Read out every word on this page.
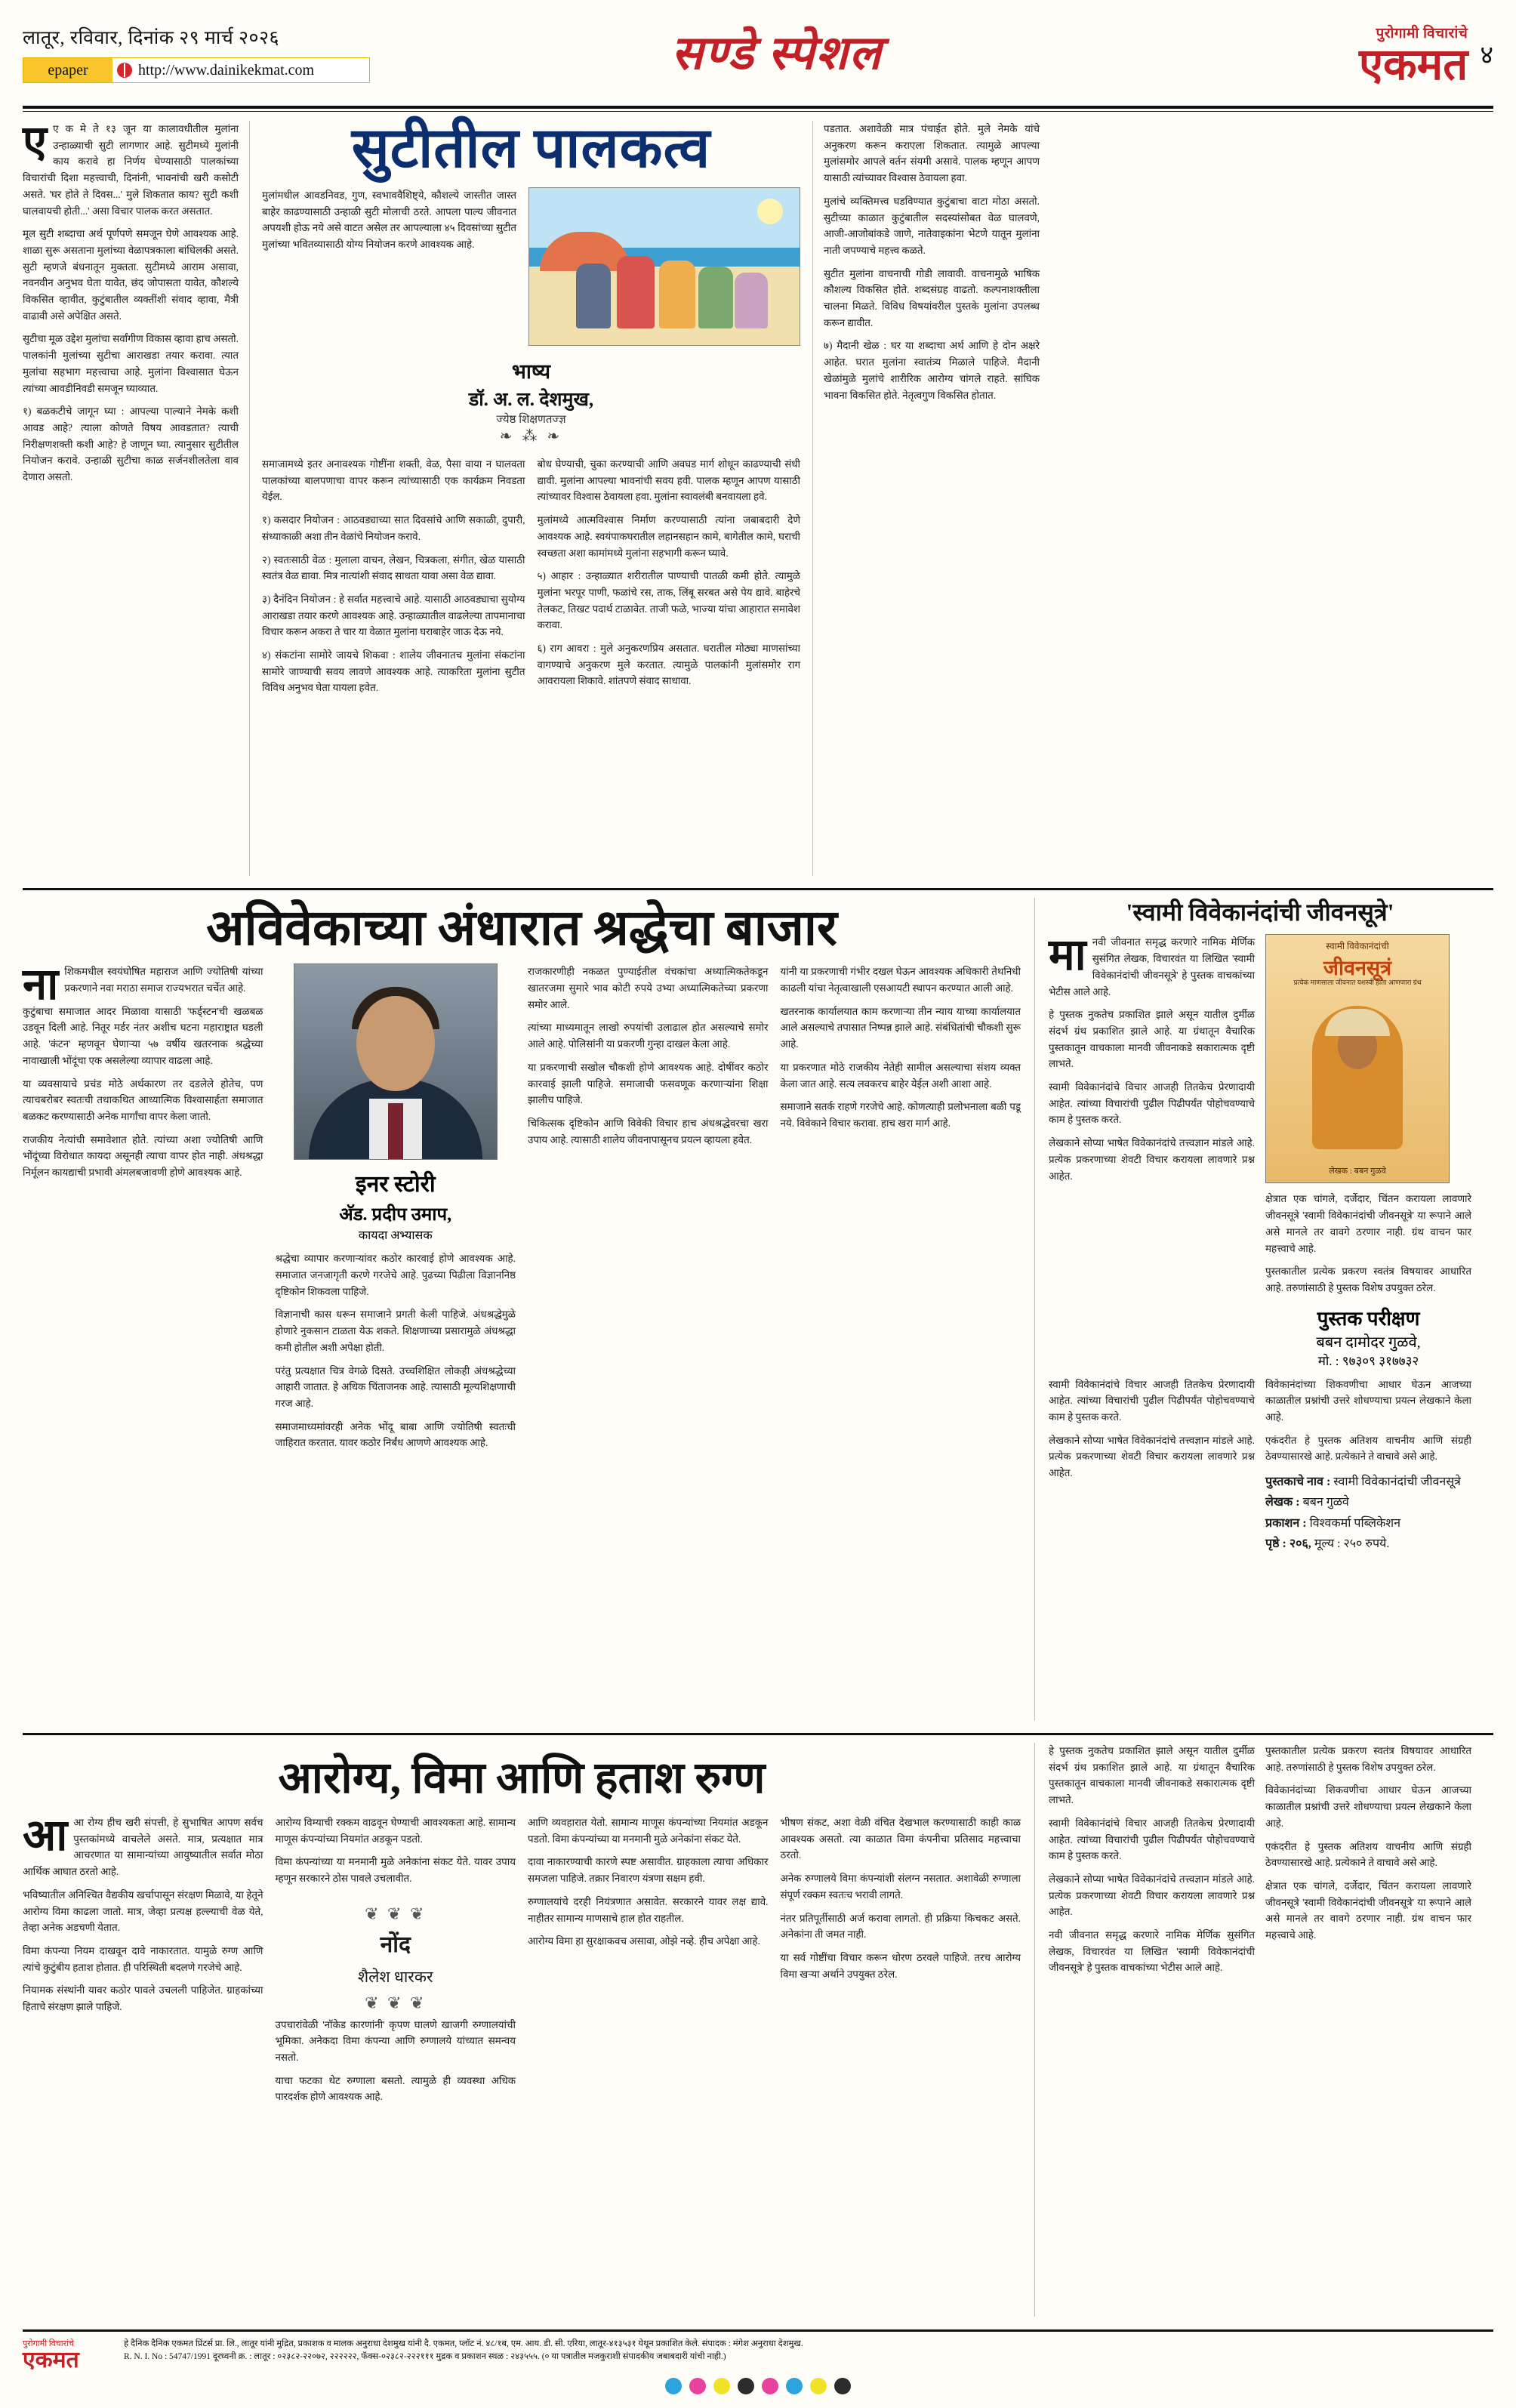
लातूर, रविवार, दिनांक २९ मार्च २०२६
epaper	http://www.dainikekmat.com	सण्डे स्पेशल	पुरोगामी विचारांचे
एकमत ४

एए क मे ते १३ जून या कालावधीतील मुलांना उन्हाळ्याची सुटी लागणार आहे. सुटीमध्ये मुलांनी काय करावे हा निर्णय घेण्यासाठी पालकांच्या विचारांची दिशा महत्त्वाची, दिनांनी, भावनांची खरी कसोटी असते. 'घर होते ते दिवस...' मुले शिकतात काय? सुटी कशी घालवायची होती...' असा विचार पालक करत असतात.

मूल सुटी शब्दाचा अर्थ पूर्णपणे समजून घेणे आवश्यक आहे. शाळा सुरू असताना मुलांच्या वेळापत्रकाला बांधिलकी असते. सुटी म्हणजे बंधनातून मुक्तता. सुटीमध्ये आराम असावा, नवनवीन अनुभव घेता यावेत, छंद जोपासता यावेत, कौशल्ये विकसित व्हावीत, कुटुंबातील व्यक्तींशी संवाद व्हावा, मैत्री वाढावी असे अपेक्षित असते.

सुटीचा मूळ उद्देश मुलांचा सर्वांगीण विकास व्हावा हाच असतो. पालकांनी मुलांच्या सुटीचा आराखडा तयार करावा. त्यात मुलांचा सहभाग महत्त्वाचा आहे. मुलांना विश्वासात घेऊन त्यांच्या आवडीनिवडी समजून घ्याव्यात.

१) बळकटीचे जागून घ्या : आपल्या पाल्याने नेमके कशी आवड आहे? त्याला कोणते विषय आवडतात? त्याची निरीक्षणशक्ती कशी आहे? हे जाणून घ्या. त्यानुसार सुटीतील नियोजन करावे. उन्हाळी सुटीचा काळ सर्जनशीलतेला वाव देणारा असतो.

सुटीतील पालकत्व
मुलांमधील आवडनिवड, गुण, स्वभाववैशिष्ट्ये, कौशल्ये जास्तीत जास्त बाहेर काढण्यासाठी उन्हाळी सुटी मोलाची ठरते. आपला पाल्य जीवनात अपयशी होऊ नये असे वाटत असेल तर आपल्याला ४५ दिवसांच्या सुटीत मुलांच्या भवितव्यासाठी योग्य नियोजन करणे आवश्यक आहे.
भाष्य
डॉ. अ. ल. देशमुख,
ज्येष्ठ शिक्षणतज्ज्ञ
❧ ⁂ ❧

समाजामध्ये इतर अनावश्यक गोष्टींना शक्ती, वेळ, पैसा वाया न घालवता पालकांच्या बालपणाचा वापर करून त्यांच्यासाठी एक कार्यक्रम निवडता येईल.

१) कसदार नियोजन : आठवड्याच्या सात दिवसांचे आणि सकाळी, दुपारी, संध्याकाळी अशा तीन वेळांचे नियोजन करावे.

२) स्वतःसाठी वेळ : मुलाला वाचन, लेखन, चित्रकला, संगीत, खेळ यासाठी स्वतंत्र वेळ द्यावा. मित्र नात्यांशी संवाद साधता यावा असा वेळ द्यावा.

३) दैनंदिन नियोजन : हे सर्वात महत्त्वाचे आहे. यासाठी आठवड्याचा सुयोग्य आराखडा तयार करणे आवश्यक आहे. उन्हाळ्यातील वाढलेल्या तापमानाचा विचार करून अकरा ते चार या वेळात मुलांना घराबाहेर जाऊ देऊ नये.

४) संकटांना सामोरे जायचे शिकवा : शालेय जीवनातच मुलांना संकटांना सामोरे जाण्याची सवय लावणे आवश्यक आहे. त्याकरिता मुलांना सुटीत विविध अनुभव घेता यायला हवेत.

बोध घेण्याची, चुका करण्याची आणि अवघड मार्ग शोधून काढण्याची संधी द्यावी. मुलांना आपल्या भावनांची सवय हवी. पालक म्हणून आपण यासाठी त्यांच्यावर विश्वास ठेवायला हवा. मुलांना स्वावलंबी बनवायला हवे.

मुलांमध्ये आत्मविश्वास निर्माण करण्यासाठी त्यांना जबाबदारी देणे आवश्यक आहे. स्वयंपाकघरातील लहानसहान कामे, बागेतील कामे, घराची स्वच्छता अशा कामांमध्ये मुलांना सहभागी करून घ्यावे.

५) आहार : उन्हाळ्यात शरीरातील पाण्याची पातळी कमी होते. त्यामुळे मुलांना भरपूर पाणी, फळांचे रस, ताक, लिंबू सरबत असे पेय द्यावे. बाहेरचे तेलकट, तिखट पदार्थ टाळावेत. ताजी फळे, भाज्या यांचा आहारात समावेश करावा.

६) राग आवरा : मुले अनुकरणप्रिय असतात. घरातील मोठ्या माणसांच्या वागण्याचे अनुकरण मुले करतात. त्यामुळे पालकांनी मुलांसमोर राग आवरायला शिकावे. शांतपणे संवाद साधावा.

पडतात. अशावेळी मात्र पंचाईत होते. मुले नेमके यांचे अनुकरण करून कराएला शिकतात. त्यामुळे आपल्या मुलांसमोर आपले वर्तन संयमी असावे. पालक म्हणून आपण यासाठी त्यांच्यावर विश्वास ठेवायला हवा.

मुलांचे व्यक्तिमत्त्व घडविण्यात कुटुंबाचा वाटा मोठा असतो. सुटीच्या काळात कुटुंबातील सदस्यांसोबत वेळ घालवणे, आजी-आजोबांकडे जाणे, नातेवाइकांना भेटणे यातून मुलांना नाती जपण्याचे महत्त्व कळते.

सुटीत मुलांना वाचनाची गोडी लावावी. वाचनामुळे भाषिक कौशल्य विकसित होते. शब्दसंग्रह वाढतो. कल्पनाशक्तीला चालना मिळते. विविध विषयांवरील पुस्तके मुलांना उपलब्ध करून द्यावीत.

७) मैदानी खेळ : घर या शब्दाचा अर्थ आणि हे दोन अक्षरे आहेत. घरात मुलांना स्वातंत्र्य मिळाले पाहिजे. मैदानी खेळांमुळे मुलांचे शारीरिक आरोग्य चांगले राहते. सांघिक भावना विकसित होते. नेतृत्वगुण विकसित होतात.

अविवेकाच्या अंधारात श्रद्धेचा बाजार

नाशिकमधील स्वयंघोषित महाराज आणि ज्योतिषी यांच्या प्रकरणाने नवा मराठा समाज राज्यभरात चर्चेत आहे.

कुटुंबाचा समाजात आदर मिळावा यासाठी 'फर्ड्स्टन'ची खळबळ उडवून दिली आहे. नितूर मर्डर नंतर अशीच घटना महाराष्ट्रात घडली आहे. 'कंटन' म्हणवून घेणाऱ्या ५७ वर्षीय खतरनाक श्रद्धेच्या नावाखाली भोंदूंचा एक असलेल्या व्यापार वाढला आहे.

या व्यवसायाचे प्रचंड मोठे अर्थकारण तर दडलेले होतेच, पण त्याचबरोबर स्वतःची तथाकथित आध्यात्मिक विश्वासार्हता समाजात बळकट करण्यासाठी अनेक मार्गांचा वापर केला जातो.

राजकीय नेत्यांची समावेशात होते. त्यांच्या अशा ज्योतिषी आणि भोंदूंच्या विरोधात कायदा असूनही त्याचा वापर होत नाही. अंधश्रद्धा निर्मूलन कायद्याची प्रभावी अंमलबजावणी होणे आवश्यक आहे.	इनर स्टोरी
अ‍ॅड. प्रदीप उमाप,
कायदा अभ्यासक

श्रद्धेचा व्यापार करणाऱ्यांवर कठोर कारवाई होणे आवश्यक आहे. समाजात जनजागृती करणे गरजेचे आहे. पुढच्या पिढीला विज्ञाननिष्ठ दृष्टिकोन शिकवला पाहिजे.

विज्ञानाची कास धरून समाजाने प्रगती केली पाहिजे. अंधश्रद्धेमुळे होणारे नुकसान टाळता येऊ शकते. शिक्षणाच्या प्रसारामुळे अंधश्रद्धा कमी होतील अशी अपेक्षा होती.

परंतु प्रत्यक्षात चित्र वेगळे दिसते. उच्चशिक्षित लोकही अंधश्रद्धेच्या आहारी जातात. हे अधिक चिंताजनक आहे. त्यासाठी मूल्यशिक्षणाची गरज आहे.

समाजमाध्यमांवरही अनेक भोंदू बाबा आणि ज्योतिषी स्वतःची जाहिरात करतात. यावर कठोर निर्बंध आणणे आवश्यक आहे.

राजकारणीही नकळत पुण्याईतील वंचकांचा अध्यात्मिकतेकडून खातरजमा सुमारे भाव कोटी रुपये उभ्या अध्यात्मिकतेच्या प्रकरणा समोर आले.

त्यांच्या माध्यमातून लाखो रुपयांची उलाढाल होत असल्याचे समोर आले आहे. पोलिसांनी या प्रकरणी गुन्हा दाखल केला आहे.

या प्रकरणाची सखोल चौकशी होणे आवश्यक आहे. दोषींवर कठोर कारवाई झाली पाहिजे. समाजाची फसवणूक करणाऱ्यांना शिक्षा झालीच पाहिजे.

चिकित्सक दृष्टिकोन आणि विवेकी विचार हाच अंधश्रद्धेवरचा खरा उपाय आहे. त्यासाठी शालेय जीवनापासूनच प्रयत्न व्हायला हवेत.

यांनी या प्रकरणाची गंभीर दखल घेऊन आवश्यक अधिकारी तेथनिधी काढली यांचा नेतृत्वाखाली एसआयटी स्थापन करण्यात आली आहे.

खतरनाक कार्यालयात काम करणाऱ्या तीन न्याय याच्या कार्यालयात आले असल्याचे तपासात निष्पन्न झाले आहे. संबंधितांची चौकशी सुरू आहे.

या प्रकरणात मोठे राजकीय नेतेही सामील असल्याचा संशय व्यक्त केला जात आहे. सत्य लवकरच बाहेर येईल अशी आशा आहे.

समाजाने सतर्क राहणे गरजेचे आहे. कोणत्याही प्रलोभनाला बळी पडू नये. विवेकाने विचार करावा. हाच खरा मार्ग आहे.

'स्वामी विवेकानंदांची जीवनसूत्रे'

मानवी जीवनात समृद्ध करणारे नामिक मेर्णिक सुसंगित लेखक, विचारवंत या लिखित 'स्वामी विवेकानंदांची जीवनसूत्रे' हे पुस्तक वाचकांच्या भेटीस आले आहे.

हे पुस्तक नुकतेच प्रकाशित झाले असून यातील दुर्मीळ संदर्भ ग्रंथ प्रकाशित झाले आहे. या ग्रंथातून वैचारिक पुस्तकातून वाचकाला मानवी जीवनाकडे सकारात्मक दृष्टी लाभते.

स्वामी विवेकानंदांचे विचार आजही तितकेच प्रेरणादायी आहेत. त्यांच्या विचारांची पुढील पिढीपर्यंत पोहोचवण्याचे काम हे पुस्तक करते.

लेखकाने सोप्या भाषेत विवेकानंदांचे तत्त्वज्ञान मांडले आहे. प्रत्येक प्रकरणाच्या शेवटी विचार करायला लावणारे प्रश्न आहेत.

स्वामी विवेकानंदांची
जीवनसूत्रं
प्रत्येक माणसाला जीवनात यशस्वी होता आणणारा ग्रंथ
लेखक : बबन गुळवे

क्षेत्रात एक चांगले, दर्जेदार, चिंतन करायला लावणारे जीवनसूत्रे 'स्वामी विवेकानंदांची जीवनसूत्रे' या रूपाने आले असे मानले तर वावगे ठरणार नाही. ग्रंथ वाचन फार महत्त्वाचे आहे.

पुस्तकातील प्रत्येक प्रकरण स्वतंत्र विषयावर आधारित आहे. तरुणांसाठी हे पुस्तक विशेष उपयुक्त ठरेल.

पुस्तक परीक्षण
बबन दामोदर गुळवे,
मो. : ९७३०९ ३१७७३२

स्वामी विवेकानंदांचे विचार आजही तितकेच प्रेरणादायी आहेत. त्यांच्या विचारांची पुढील पिढीपर्यंत पोहोचवण्याचे काम हे पुस्तक करते.

लेखकाने सोप्या भाषेत विवेकानंदांचे तत्त्वज्ञान मांडले आहे. प्रत्येक प्रकरणाच्या शेवटी विचार करायला लावणारे प्रश्न आहेत.

विवेकानंदांच्या शिकवणीचा आधार घेऊन आजच्या काळातील प्रश्नांची उत्तरे शोधण्याचा प्रयत्न लेखकाने केला आहे.

एकंदरीत हे पुस्तक अतिशय वाचनीय आणि संग्रही ठेवण्यासारखे आहे. प्रत्येकाने ते वाचावे असे आहे.

पुस्तकाचे नाव : स्वामी विवेकानंदांची जीवनसूत्रे
लेखक : बबन गुळवे
प्रकाशन : विश्वकर्मा पब्लिकेशन
पृष्ठे : २०६, मूल्य : २५० रुपये.
आरोग्य, विमा आणि हताश रुग्ण

आआ रोग्य हीच खरी संपत्ती, हे सुभाषित आपण सर्वच पुस्तकांमध्ये वाचलेले असते. मात्र, प्रत्यक्षात मात्र आचरणात या सामान्यांच्या आयुष्यातील सर्वात मोठा आर्थिक आघात ठरतो आहे.

भविष्यातील अनिश्चित वैद्यकीय खर्चापासून संरक्षण मिळावे, या हेतूने आरोग्य विमा काढला जातो. मात्र, जेव्हा प्रत्यक्ष हल्ल्याची वेळ येते, तेव्हा अनेक अडचणी येतात.

विमा कंपन्या नियम दाखवून दावे नाकारतात. यामुळे रुग्ण आणि त्यांचे कुटुंबीय हताश होतात. ही परिस्थिती बदलणे गरजेचे आहे.

नियामक संस्थांनी यावर कठोर पावले उचलली पाहिजेत. ग्राहकांच्या हिताचे संरक्षण झाले पाहिजे.

आरोग्य विम्याची रक्कम वाढवून घेण्याची आवश्यकता आहे. सामान्य माणूस कंपन्यांच्या नियमांत अडकून पडतो.

विमा कंपन्यांच्या या मनमानी मुळे अनेकांना संकट येते. यावर उपाय म्हणून सरकारने ठोस पावले उचलावीत.

❦ ❦ ❦
नोंद
शैलेश धारकर
❦ ❦ ❦

उपचारांवेळी 'नॉकेड कारणांनी' कृपण घालणे खाजगी रुग्णालयांची भूमिका. अनेकदा विमा कंपन्या आणि रुग्णालये यांच्यात समन्वय नसतो.

याचा फटका थेट रुग्णाला बसतो. त्यामुळे ही व्यवस्था अधिक पारदर्शक होणे आवश्यक आहे.

आणि व्यवहारात येतो. सामान्य माणूस कंपन्यांच्या नियमांत अडकून पडतो. विमा कंपन्यांच्या या मनमानी मुळे अनेकांना संकट येते.

दावा नाकारण्याची कारणे स्पष्ट असावीत. ग्राहकाला त्याचा अधिकार समजला पाहिजे. तक्रार निवारण यंत्रणा सक्षम हवी.

रुग्णालयांचे दरही नियंत्रणात असावेत. सरकारने यावर लक्ष द्यावे. नाहीतर सामान्य माणसाचे हाल होत राहतील.

आरोग्य विमा हा सुरक्षाकवच असावा, ओझे नव्हे. हीच अपेक्षा आहे.

भीषण संकट, अशा वेळी वंचित देखभाल करण्यासाठी काही काळ आवश्यक असतो. त्या काळात विमा कंपनीचा प्रतिसाद महत्त्वाचा ठरतो.

अनेक रुग्णालये विमा कंपन्यांशी संलग्न नसतात. अशावेळी रुग्णाला संपूर्ण रक्कम स्वतःच भरावी लागते.

नंतर प्रतिपूर्तीसाठी अर्ज करावा लागतो. ही प्रक्रिया किचकट असते. अनेकांना ती जमत नाही.

या सर्व गोष्टींचा विचार करून धोरण ठरवले पाहिजे. तरच आरोग्य विमा खऱ्या अर्थाने उपयुक्त ठरेल.

हे पुस्तक नुकतेच प्रकाशित झाले असून यातील दुर्मीळ संदर्भ ग्रंथ प्रकाशित झाले आहे. या ग्रंथातून वैचारिक पुस्तकातून वाचकाला मानवी जीवनाकडे सकारात्मक दृष्टी लाभते.

स्वामी विवेकानंदांचे विचार आजही तितकेच प्रेरणादायी आहेत. त्यांच्या विचारांची पुढील पिढीपर्यंत पोहोचवण्याचे काम हे पुस्तक करते.

लेखकाने सोप्या भाषेत विवेकानंदांचे तत्त्वज्ञान मांडले आहे. प्रत्येक प्रकरणाच्या शेवटी विचार करायला लावणारे प्रश्न आहेत.

नवी जीवनात समृद्ध करणारे नामिक मेर्णिक सुसंगित लेखक, विचारवंत या लिखित 'स्वामी विवेकानंदांची जीवनसूत्रे' हे पुस्तक वाचकांच्या भेटीस आले आहे.

पुस्तकातील प्रत्येक प्रकरण स्वतंत्र विषयावर आधारित आहे. तरुणांसाठी हे पुस्तक विशेष उपयुक्त ठरेल.

विवेकानंदांच्या शिकवणीचा आधार घेऊन आजच्या काळातील प्रश्नांची उत्तरे शोधण्याचा प्रयत्न लेखकाने केला आहे.

एकंदरीत हे पुस्तक अतिशय वाचनीय आणि संग्रही ठेवण्यासारखे आहे. प्रत्येकाने ते वाचावे असे आहे.

क्षेत्रात एक चांगले, दर्जेदार, चिंतन करायला लावणारे जीवनसूत्रे 'स्वामी विवेकानंदांची जीवनसूत्रे' या रूपाने आले असे मानले तर वावगे ठरणार नाही. ग्रंथ वाचन फार महत्त्वाचे आहे.

पुरोगामी विचारांचे
एकमत
हे दैनिक दैनिक एकमत प्रिंटर्स प्रा. लि., लातूर यांनी मुद्रित, प्रकाशक व मालक अनुराधा देशमुख यांनी दै. एकमत, प्लॉट नं. ४८/१ब, एम. आय. डी. सी. एरिया, लातूर-४१३५३१ येथून प्रकाशित केले. संपादक : मंगेश अनुराधा देशमुख.
R. N. I. No : 54747/1991 दूरध्वनी क्र. : लातूर : ०२३८२-२२०७२, २२२२२२, फॅक्स-०२३८२-२२२१११ मुद्रक व प्रकाशन स्थळ : २४३५५५. (० या पत्रातील मजकुराशी संपादकीय जबाबदारी यांची नाही.)
